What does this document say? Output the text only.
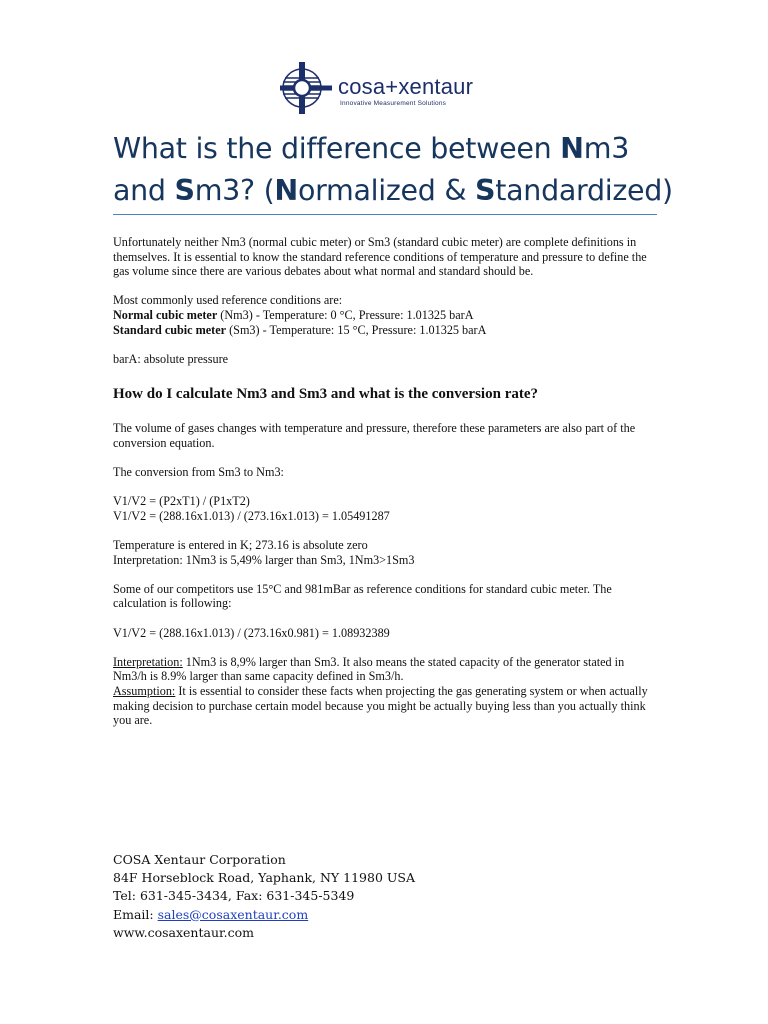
cosa+xentaur
Innovative Measurement Solutions
What is the difference between Nm3
and Sm3? (Normalized & Standardized)

Unfortunately neither Nm3 (normal cubic meter) or Sm3 (standard cubic meter) are complete definitions in themselves. It is essential to know the standard reference conditions of temperature and pressure to define the gas volume since there are various debates about what normal and standard should be.

Most commonly used reference conditions are:

Normal cubic meter (Nm3) - Temperature: 0 °C, Pressure: 1.01325 barA

Standard cubic meter (Sm3) - Temperature: 15 °C, Pressure: 1.01325 barA

barA: absolute pressure

How do I calculate Nm3 and Sm3 and what is the conversion rate?

The volume of gases changes with temperature and pressure, therefore these parameters are also part of the conversion equation.

The conversion from Sm3 to Nm3:

V1/V2 = (P2xT1) / (P1xT2)

V1/V2 = (288.16x1.013) / (273.16x1.013) = 1.05491287

Temperature is entered in K; 273.16 is absolute zero

Interpretation: 1Nm3 is 5,49% larger than Sm3, 1Nm3>1Sm3

Some of our competitors use 15°C and 981mBar as reference conditions for standard cubic meter. The calculation is following:

V1/V2 = (288.16x1.013) / (273.16x0.981) = 1.08932389

Interpretation: 1Nm3 is 8,9% larger than Sm3. It also means the stated capacity of the generator stated in Nm3/h is 8.9% larger than same capacity defined in Sm3/h.

Assumption: It is essential to consider these facts when projecting the gas generating system or when actually making decision to purchase certain model because you might be actually buying less than you actually think you are.

COSA Xentaur Corporation

84F Horseblock Road, Yaphank, NY 11980 USA

Tel: 631-345-3434, Fax: 631-345-5349

Email: sales@cosaxentaur.com

www.cosaxentaur.com
